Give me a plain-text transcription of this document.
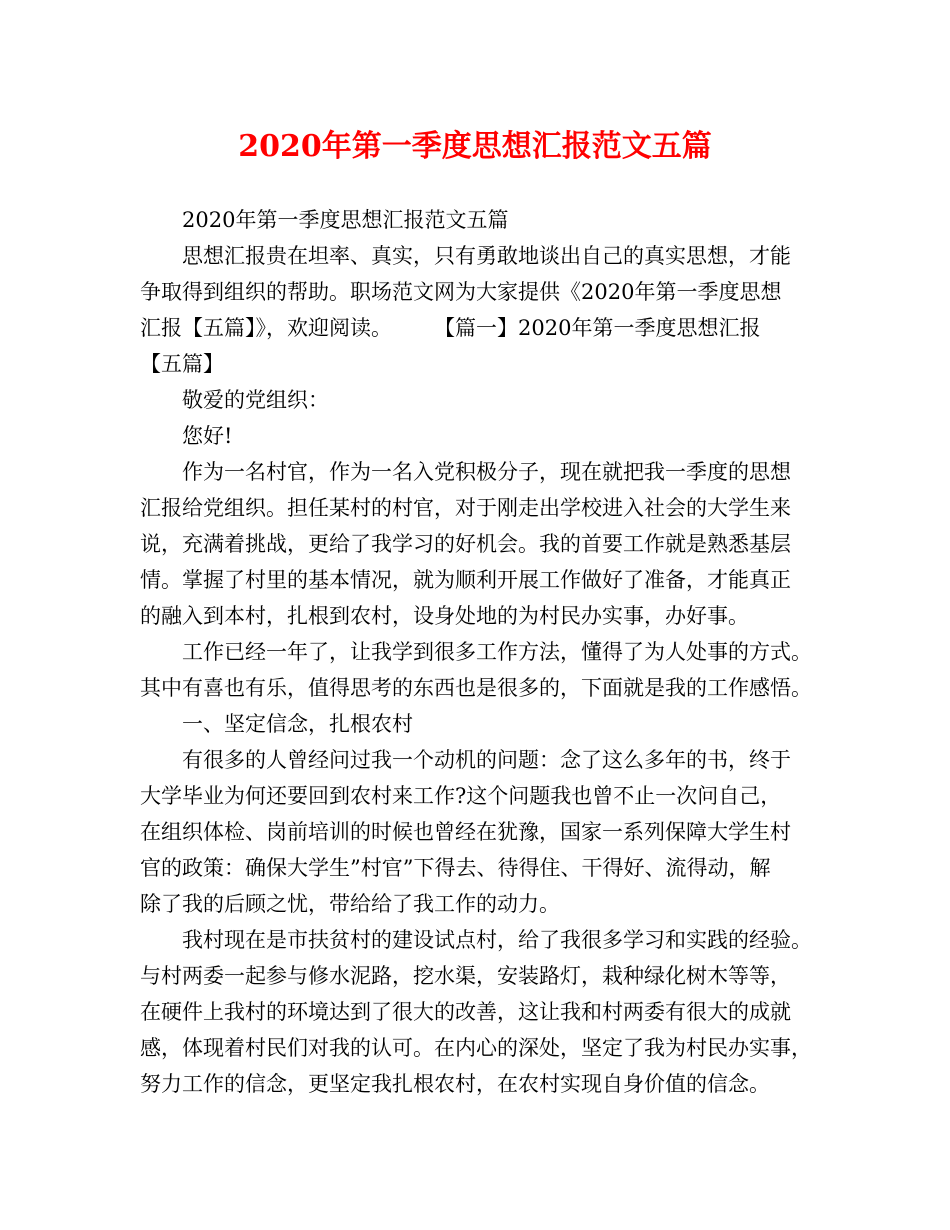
2020年第一季度思想汇报范文五篇
2020年第一季度思想汇报范文五篇
思想汇报贵在坦率、真实，只有勇敢地谈出自己的真实思想，才能
争取得到组织的帮助。职场范文网为大家提供《2020年第一季度思想
汇报【五篇】》，欢迎阅读。　　　【篇一】2020年第一季度思想汇报
【五篇】
敬爱的党组织：
您好!
作为一名村官，作为一名入党积极分子，现在就把我一季度的思想
汇报给党组织。担任某村的村官，对于刚走出学校进入社会的大学生来
说，充满着挑战，更给了我学习的好机会。我的首要工作就是熟悉基层
情。掌握了村里的基本情况，就为顺利开展工作做好了准备，才能真正
的融入到本村，扎根到农村，设身处地的为村民办实事，办好事。
工作已经一年了，让我学到很多工作方法，懂得了为人处事的方式。
其中有喜也有乐，值得思考的东西也是很多的，下面就是我的工作感悟。
一、坚定信念，扎根农村
有很多的人曾经问过我一个动机的问题：念了这么多年的书，终于
大学毕业为何还要回到农村来工作?这个问题我也曾不止一次问自己，
在组织体检、岗前培训的时候也曾经在犹豫，国家一系列保障大学生村
官的政策：确保大学生”村官”下得去、待得住、干得好、流得动，解
除了我的后顾之忧，带给给了我工作的动力。
我村现在是市扶贫村的建设试点村，给了我很多学习和实践的经验。
与村两委一起参与修水泥路，挖水渠，安装路灯，栽种绿化树木等等，
在硬件上我村的环境达到了很大的改善，这让我和村两委有很大的成就
感，体现着村民们对我的认可。在内心的深处，坚定了我为村民办实事，
努力工作的信念，更坚定我扎根农村，在农村实现自身价值的信念。
